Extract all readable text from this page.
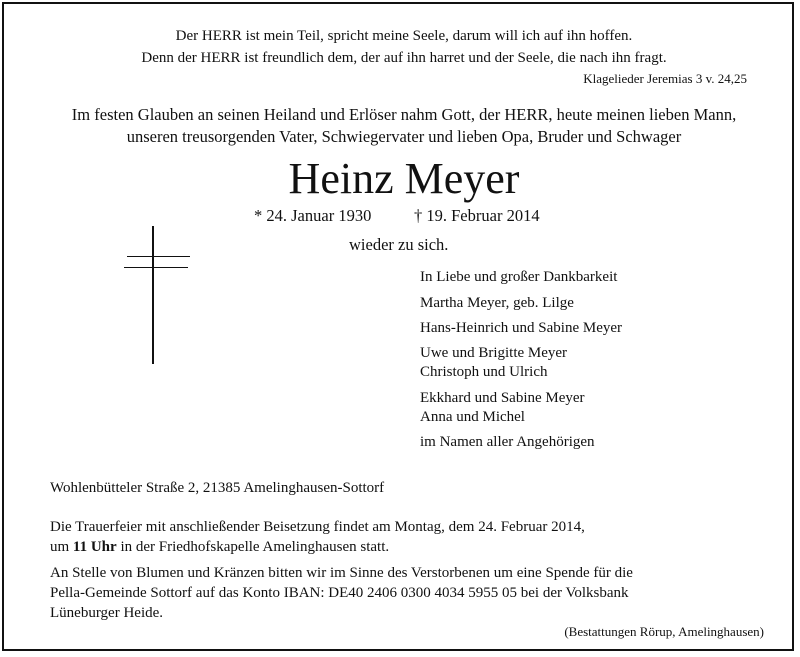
Der HERR ist mein Teil, spricht meine Seele, darum will ich auf ihn hoffen.
Denn der HERR ist freundlich dem, der auf ihn harret und der Seele, die nach ihn fragt.
Klagelieder Jeremias 3 v. 24,25
Im festen Glauben an seinen Heiland und Erlöser nahm Gott, der HERR, heute meinen lieben Mann,
unseren treusorgenden Vater, Schwiegervater und lieben Opa, Bruder und Schwager
Heinz Meyer
* 24. Januar 1930	† 19. Februar 2014
wieder zu sich.
In Liebe und großer Dankbarkeit
Martha Meyer, geb. Lilge
Hans-Heinrich und Sabine Meyer
Uwe und Brigitte Meyer
Christoph und Ulrich
Ekkhard und Sabine Meyer
Anna und Michel
im Namen aller Angehörigen
Wohlenbütteler Straße 2, 21385 Amelinghausen-Sottorf
Die Trauerfeier mit anschließender Beisetzung findet am Montag, dem 24. Februar 2014,
um 11 Uhr in der Friedhofskapelle Amelinghausen statt.
An Stelle von Blumen und Kränzen bitten wir im Sinne des Verstorbenen um eine Spende für die
Pella-Gemeinde Sottorf auf das Konto IBAN: DE40 2406 0300 4034 5955 05 bei der Volksbank
Lüneburger Heide.
(Bestattungen Rörup, Amelinghausen)
